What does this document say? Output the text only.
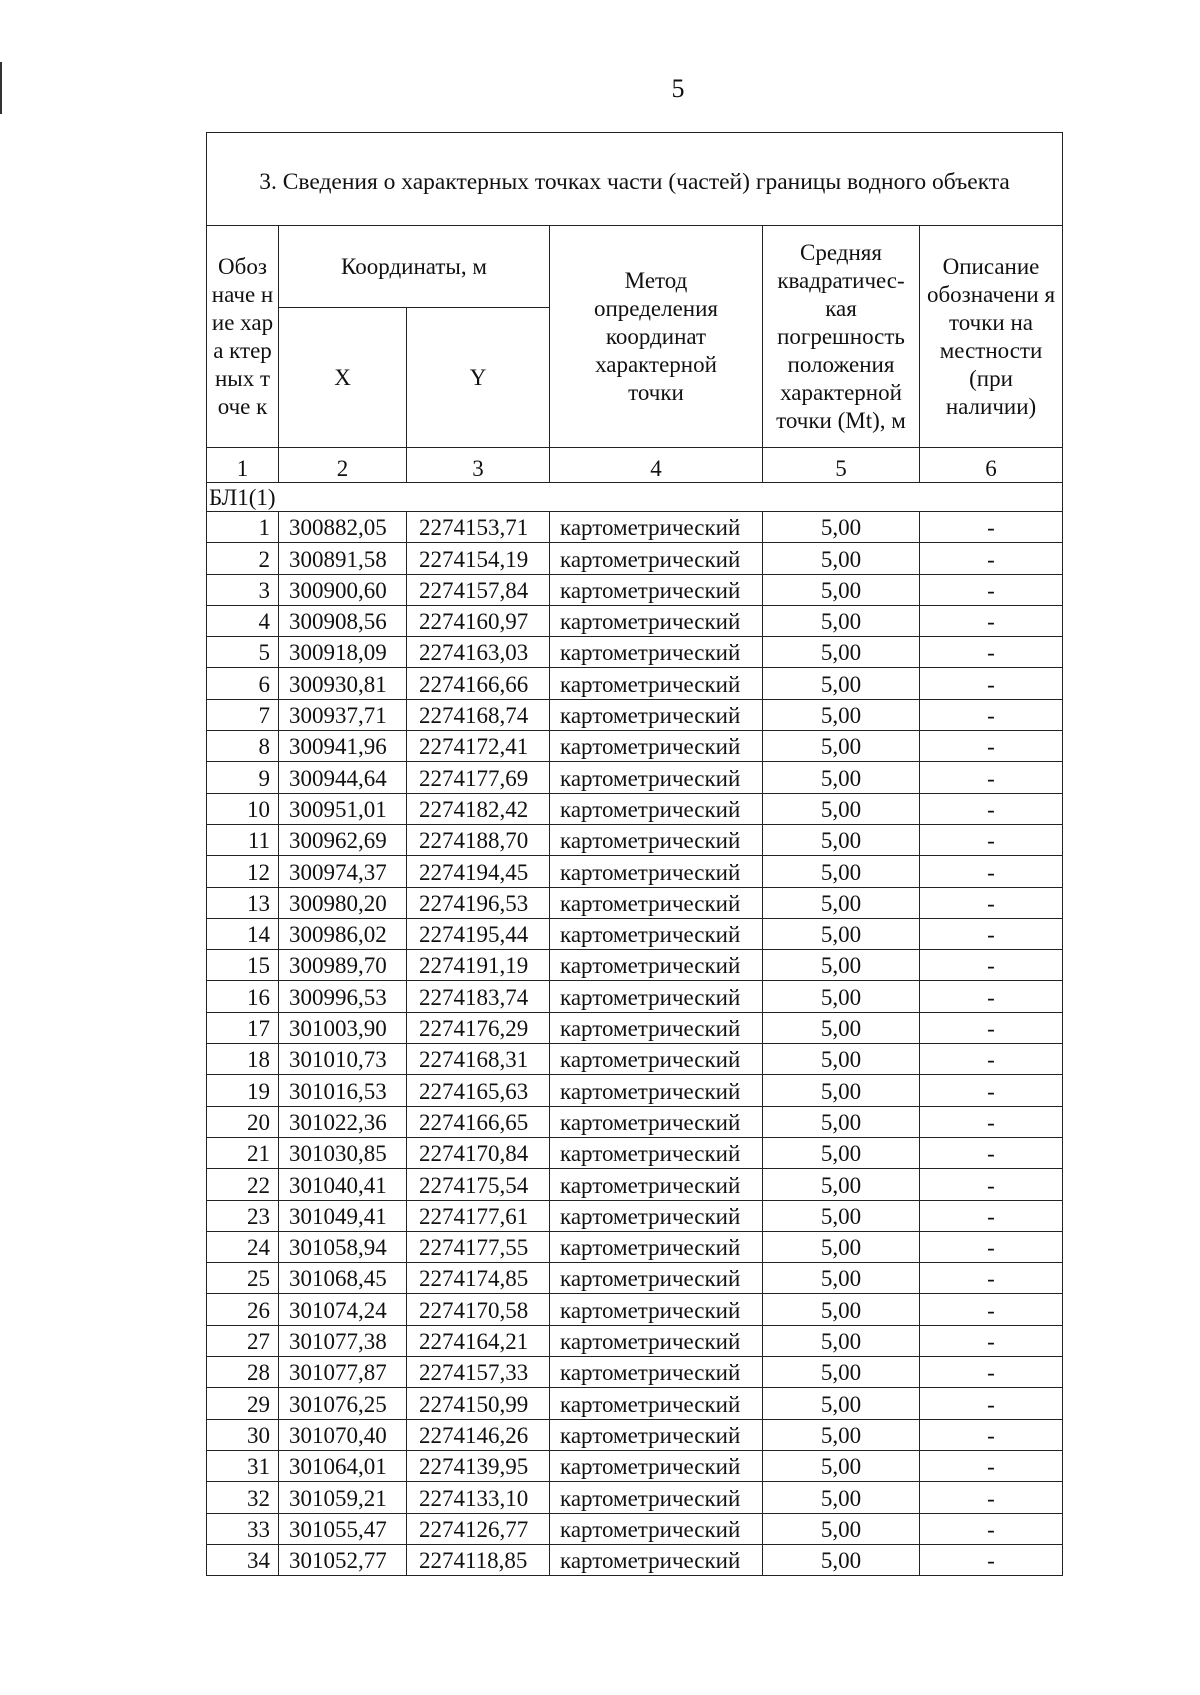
5
3. Сведения о характерных точках части (частей) границы водного объекта					
Обоз наче ние хара ктер ных точе к	Координаты, м		Метод определения координат характерной точки	Средняя квадратичес- кая погрешность положения характерной точки (Mt), м	Описание обозначени я точки на местности (при наличии)
	X	Y			
1	2	3	4	5	6
БЛ1(1)					
1	300882,05	2274153,71	картометрический	5,00	-
2	300891,58	2274154,19	картометрический	5,00	-
3	300900,60	2274157,84	картометрический	5,00	-
4	300908,56	2274160,97	картометрический	5,00	-
5	300918,09	2274163,03	картометрический	5,00	-
6	300930,81	2274166,66	картометрический	5,00	-
7	300937,71	2274168,74	картометрический	5,00	-
8	300941,96	2274172,41	картометрический	5,00	-
9	300944,64	2274177,69	картометрический	5,00	-
10	300951,01	2274182,42	картометрический	5,00	-
11	300962,69	2274188,70	картометрический	5,00	-
12	300974,37	2274194,45	картометрический	5,00	-
13	300980,20	2274196,53	картометрический	5,00	-
14	300986,02	2274195,44	картометрический	5,00	-
15	300989,70	2274191,19	картометрический	5,00	-
16	300996,53	2274183,74	картометрический	5,00	-
17	301003,90	2274176,29	картометрический	5,00	-
18	301010,73	2274168,31	картометрический	5,00	-
19	301016,53	2274165,63	картометрический	5,00	-
20	301022,36	2274166,65	картометрический	5,00	-
21	301030,85	2274170,84	картометрический	5,00	-
22	301040,41	2274175,54	картометрический	5,00	-
23	301049,41	2274177,61	картометрический	5,00	-
24	301058,94	2274177,55	картометрический	5,00	-
25	301068,45	2274174,85	картометрический	5,00	-
26	301074,24	2274170,58	картометрический	5,00	-
27	301077,38	2274164,21	картометрический	5,00	-
28	301077,87	2274157,33	картометрический	5,00	-
29	301076,25	2274150,99	картометрический	5,00	-
30	301070,40	2274146,26	картометрический	5,00	-
31	301064,01	2274139,95	картометрический	5,00	-
32	301059,21	2274133,10	картометрический	5,00	-
33	301055,47	2274126,77	картометрический	5,00	-
34	301052,77	2274118,85	картометрический	5,00	-
